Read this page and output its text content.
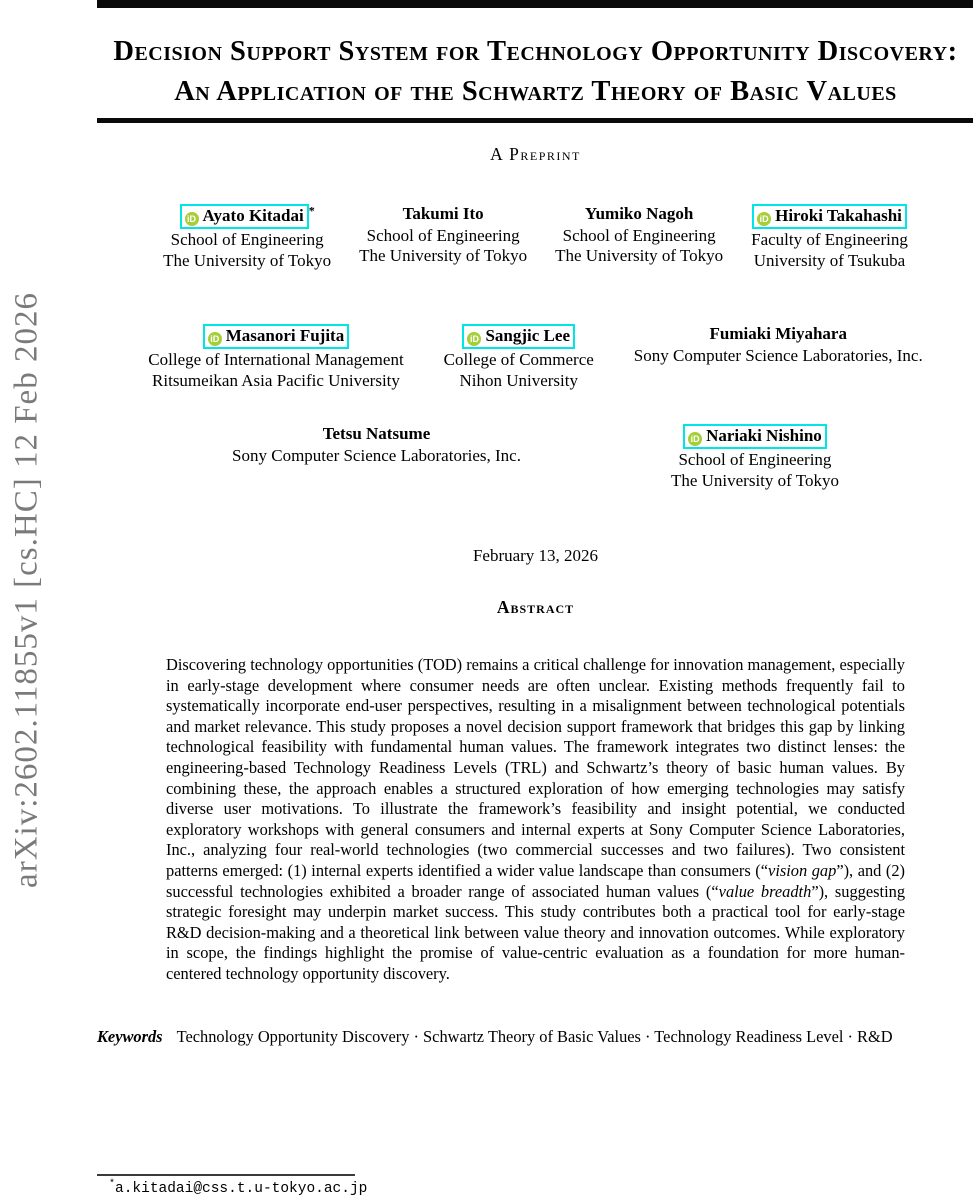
arXiv:2602.11855v1 [cs.HC] 12 Feb 2026
Decision Support System for Technology Opportunity Discovery: An Application of the Schwartz Theory of Basic Values
A Preprint
iD Ayato Kitadai *
School of Engineering
The University of Tokyo
Takumi Ito
School of Engineering
The University of Tokyo
Yumiko Nagoh
School of Engineering
The University of Tokyo
iD Hiroki Takahashi
Faculty of Engineering
University of Tsukuba
iD Masanori Fujita
College of International Management
Ritsumeikan Asia Pacific University
iD Sangjic Lee
College of Commerce
Nihon University
Fumiaki Miyahara
Sony Computer Science Laboratories, Inc.
Tetsu Natsume
Sony Computer Science Laboratories, Inc.
iD Nariaki Nishino
School of Engineering
The University of Tokyo
February 13, 2026
Abstract
Discovering technology opportunities (TOD) remains a critical challenge for innovation management, especially in early-stage development where consumer needs are often unclear. Existing methods frequently fail to systematically incorporate end-user perspectives, resulting in a misalignment between technological potentials and market relevance. This study proposes a novel decision support framework that bridges this gap by linking technological feasibility with fundamental human values. The framework integrates two distinct lenses: the engineering-based Technology Readiness Levels (TRL) and Schwartz’s theory of basic human values. By combining these, the approach enables a structured exploration of how emerging technologies may satisfy diverse user motivations. To illustrate the framework’s feasibility and insight potential, we conducted exploratory workshops with general consumers and internal experts at Sony Computer Science Laboratories, Inc., analyzing four real-world technologies (two commercial successes and two failures). Two consistent patterns emerged: (1) internal experts identified a wider value landscape than consumers (“vision gap”), and (2) successful technologies exhibited a broader range of associated human values (“value breadth”), suggesting strategic foresight may underpin market success. This study contributes both a practical tool for early-stage R&D decision-making and a theoretical link between value theory and innovation outcomes. While exploratory in scope, the findings highlight the promise of value-centric evaluation as a foundation for more human-centered technology opportunity discovery.
Keywords Technology Opportunity Discovery · Schwartz Theory of Basic Values · Technology Readiness Level · R&D
*a.kitadai@css.t.u-tokyo.ac.jp
